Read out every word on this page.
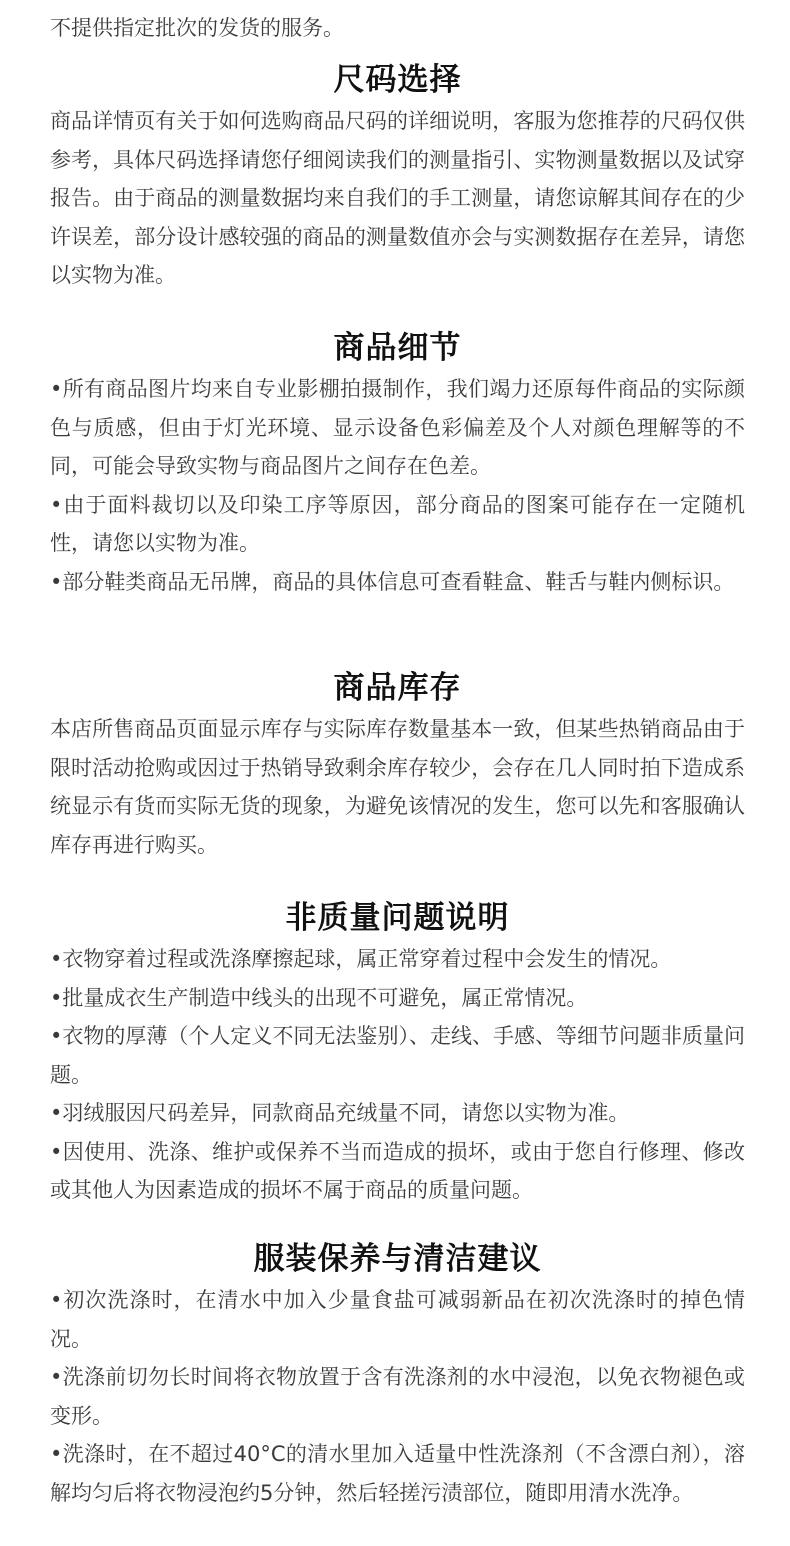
不提供指定批次的发货的服务。

尺码选择

商品详情页有关于如何选购商品尺码的详细说明，客服为您推荐的尺码仅供参考，具体尺码选择请您仔细阅读我们的测量指引、实物测量数据以及试穿报告。由于商品的测量数据均来自我们的手工测量，请您谅解其间存在的少许误差，部分设计感较强的商品的测量数值亦会与实测数据存在差异，请您以实物为准。

商品细节

•所有商品图片均来自专业影棚拍摄制作，我们竭力还原每件商品的实际颜色与质感，但由于灯光环境、显示设备色彩偏差及个人对颜色理解等的不同，可能会导致实物与商品图片之间存在色差。

•由于面料裁切以及印染工序等原因，部分商品的图案可能存在一定随机性，请您以实物为准。

•部分鞋类商品无吊牌，商品的具体信息可查看鞋盒、鞋舌与鞋内侧标识。

商品库存

本店所售商品页面显示库存与实际库存数量基本一致，但某些热销商品由于限时活动抢购或因过于热销导致剩余库存较少，会存在几人同时拍下造成系统显示有货而实际无货的现象，为避免该情况的发生，您可以先和客服确认库存再进行购买。

非质量问题说明

•衣物穿着过程或洗涤摩擦起球，属正常穿着过程中会发生的情况。

•批量成衣生产制造中线头的出现不可避免，属正常情况。

•衣物的厚薄（个人定义不同无法鉴别）、走线、手感、等细节问题非质量问题。

•羽绒服因尺码差异，同款商品充绒量不同，请您以实物为准。

•因使用、洗涤、维护或保养不当而造成的损坏，或由于您自行修理、修改或其他人为因素造成的损坏不属于商品的质量问题。

服装保养与清洁建议

•初次洗涤时，在清水中加入少量食盐可减弱新品在初次洗涤时的掉色情况。

•洗涤前切勿长时间将衣物放置于含有洗涤剂的水中浸泡，以免衣物褪色或变形。

•洗涤时，在不超过40°C的清水里加入适量中性洗涤剂（不含漂白剂），溶解均匀后将衣物浸泡约5分钟，然后轻搓污渍部位，随即用清水洗净。
